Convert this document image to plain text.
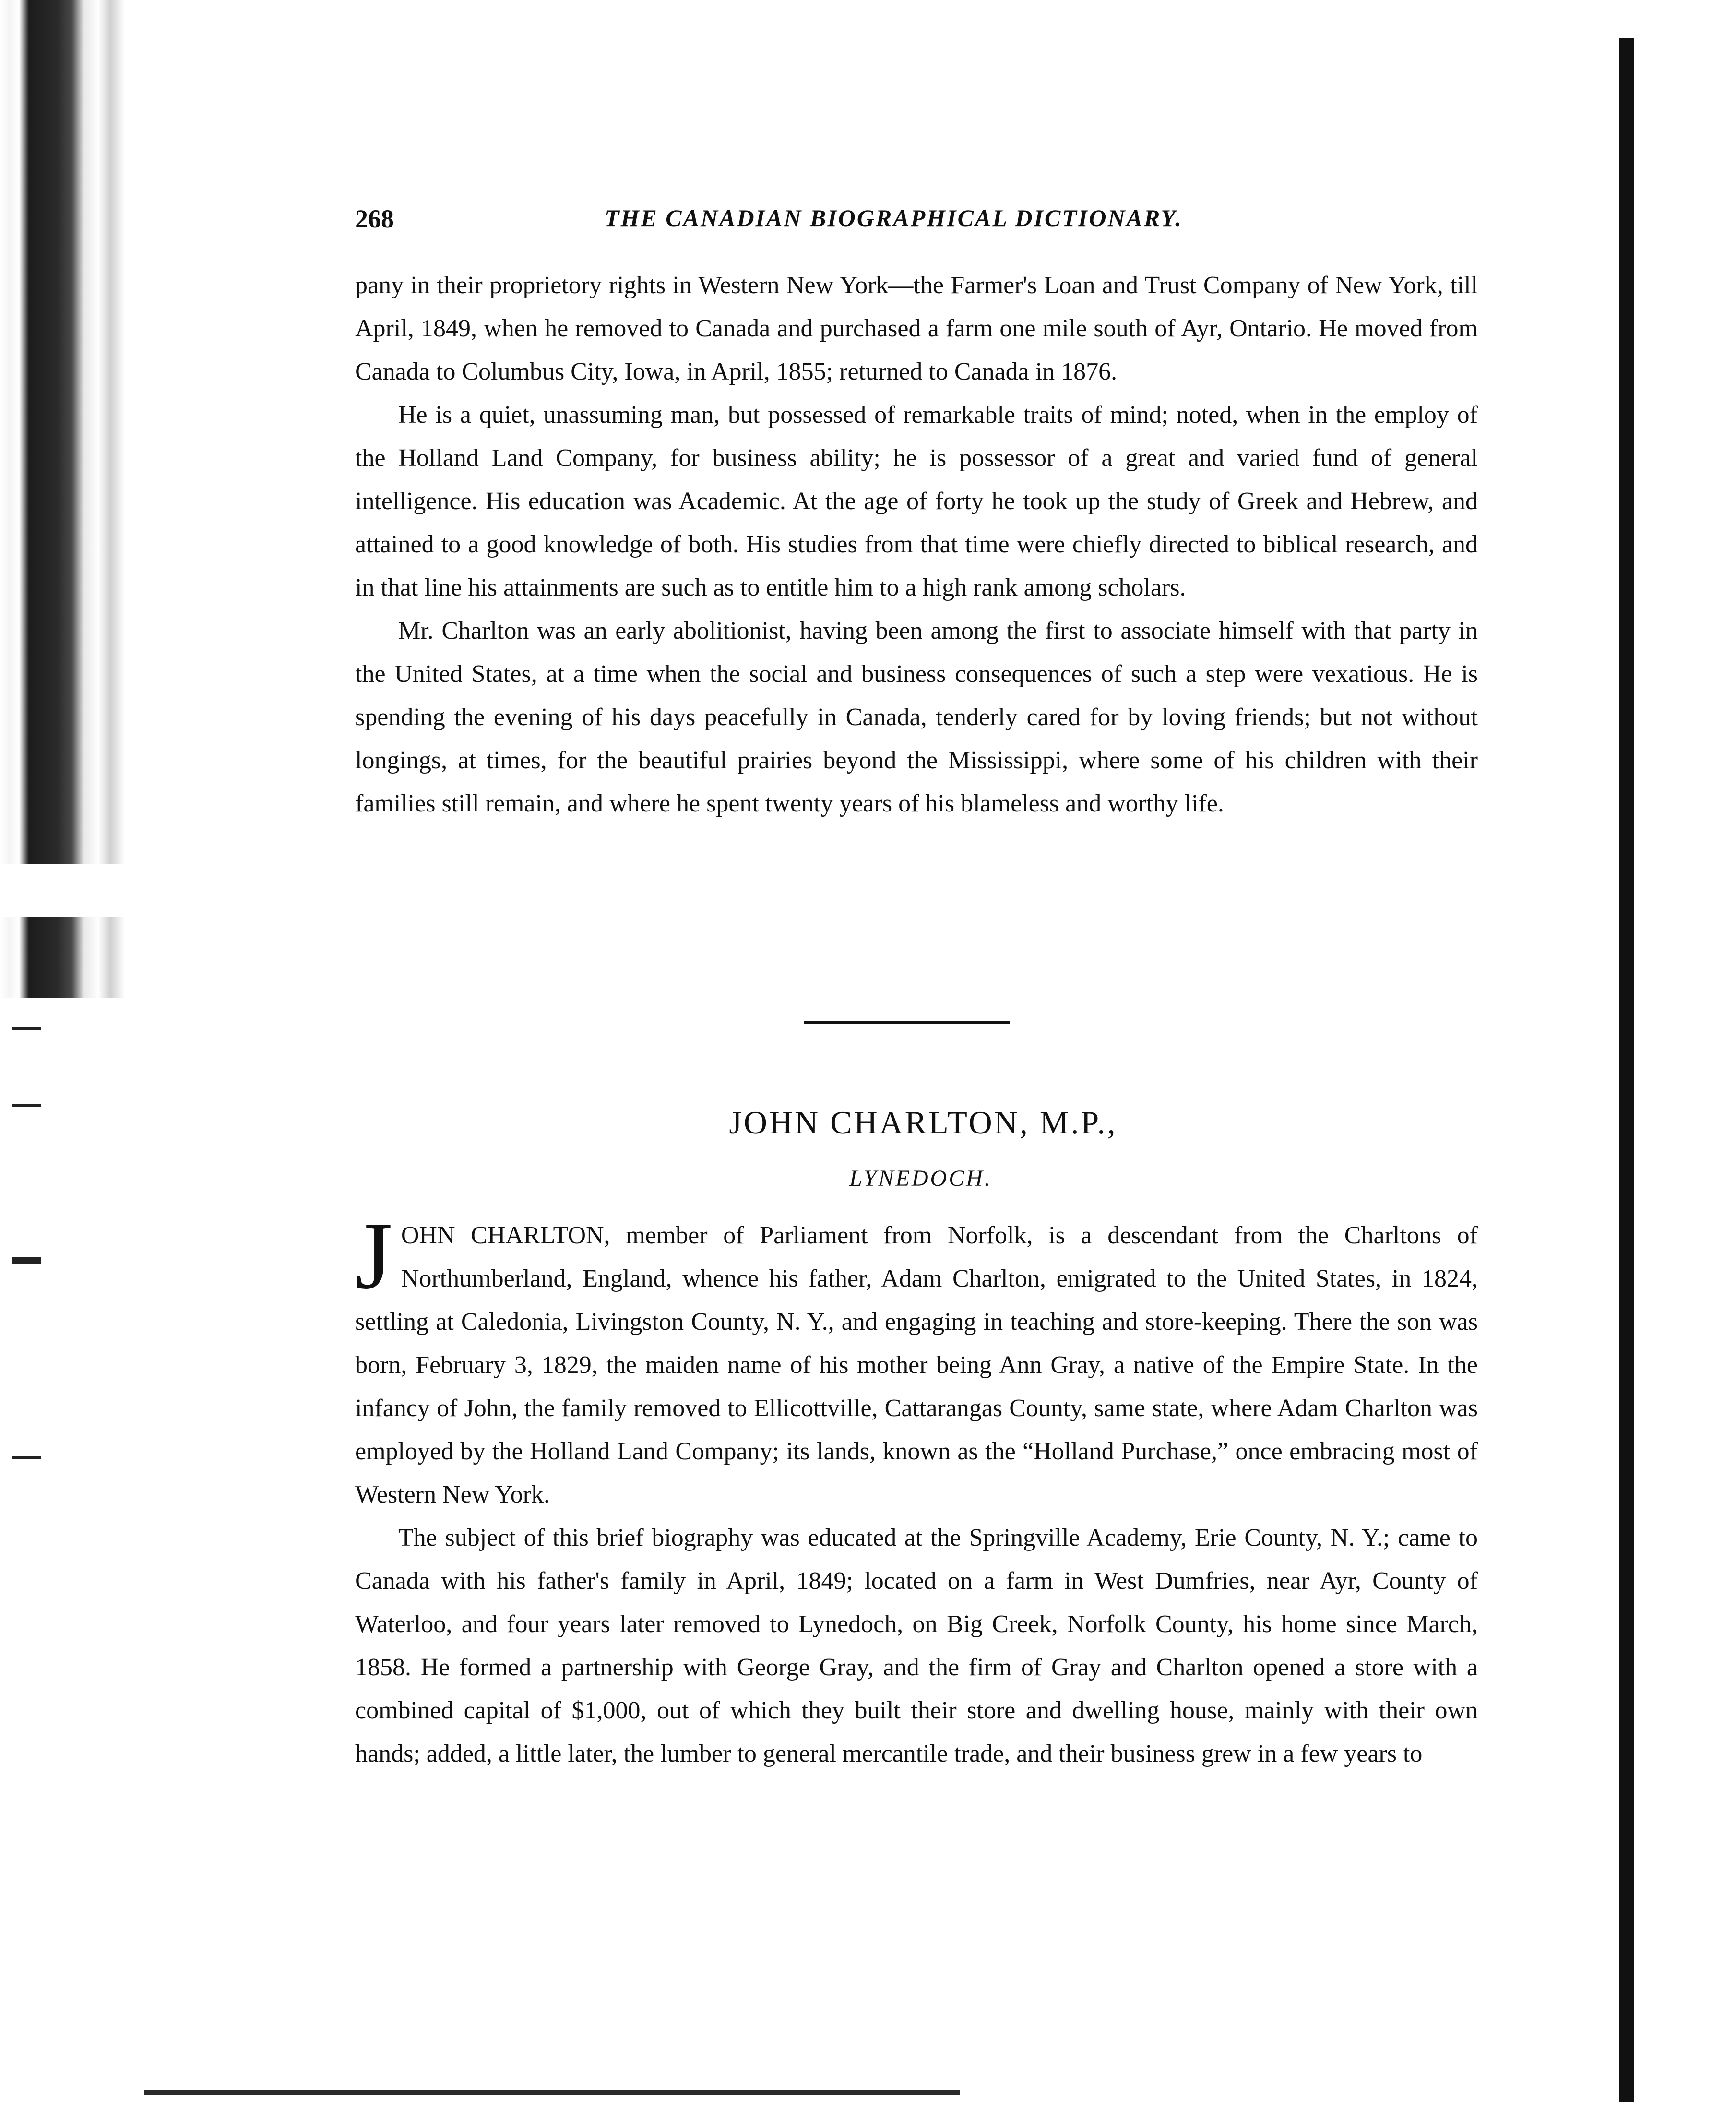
268	THE CANADIAN BIOGRAPHICAL DICTIONARY.

pany in their proprietory rights in Western New York—the Farmer's Loan and Trust Company of New York, till April, 1849, when he removed to Canada and purchased a farm one mile south of Ayr, Ontario. He moved from Canada to Columbus City, Iowa, in April, 1855; returned to Canada in 1876.

He is a quiet, unassuming man, but possessed of remarkable traits of mind; noted, when in the employ of the Holland Land Company, for business ability; he is possessor of a great and varied fund of general intelligence. His education was Academic. At the age of forty he took up the study of Greek and Hebrew, and attained to a good knowledge of both. His studies from that time were chiefly directed to biblical research, and in that line his attainments are such as to entitle him to a high rank among scholars.

Mr. Charlton was an early abolitionist, having been among the first to associate himself with that party in the United States, at a time when the social and business consequences of such a step were vexatious. He is spending the evening of his days peacefully in Canada, tenderly cared for by loving friends; but not without longings, at times, for the beautiful prairies beyond the Mississippi, where some of his children with their families still remain, and where he spent twenty years of his blameless and worthy life.

JOHN CHARLTON, M.P.,
LYNEDOCH.

JOHN CHARLTON, member of Parliament from Norfolk, is a descendant from the Charltons of Northumberland, England, whence his father, Adam Charlton, emigrated to the United States, in 1824, settling at Caledonia, Livingston County, N. Y., and engaging in teaching and store-keeping. There the son was born, February 3, 1829, the maiden name of his mother being Ann Gray, a native of the Empire State. In the infancy of John, the family removed to Ellicottville, Cattarangas County, same state, where Adam Charlton was employed by the Holland Land Company; its lands, known as the “Holland Purchase,” once embracing most of Western New York.

The subject of this brief biography was educated at the Springville Academy, Erie County, N. Y.; came to Canada with his father's family in April, 1849; located on a farm in West Dumfries, near Ayr, County of Waterloo, and four years later removed to Lynedoch, on Big Creek, Norfolk County, his home since March, 1858. He formed a partnership with George Gray, and the firm of Gray and Charlton opened a store with a combined capital of $1,000, out of which they built their store and dwelling house, mainly with their own hands; added, a little later, the lumber to general mercantile trade, and their business grew in a few years to
